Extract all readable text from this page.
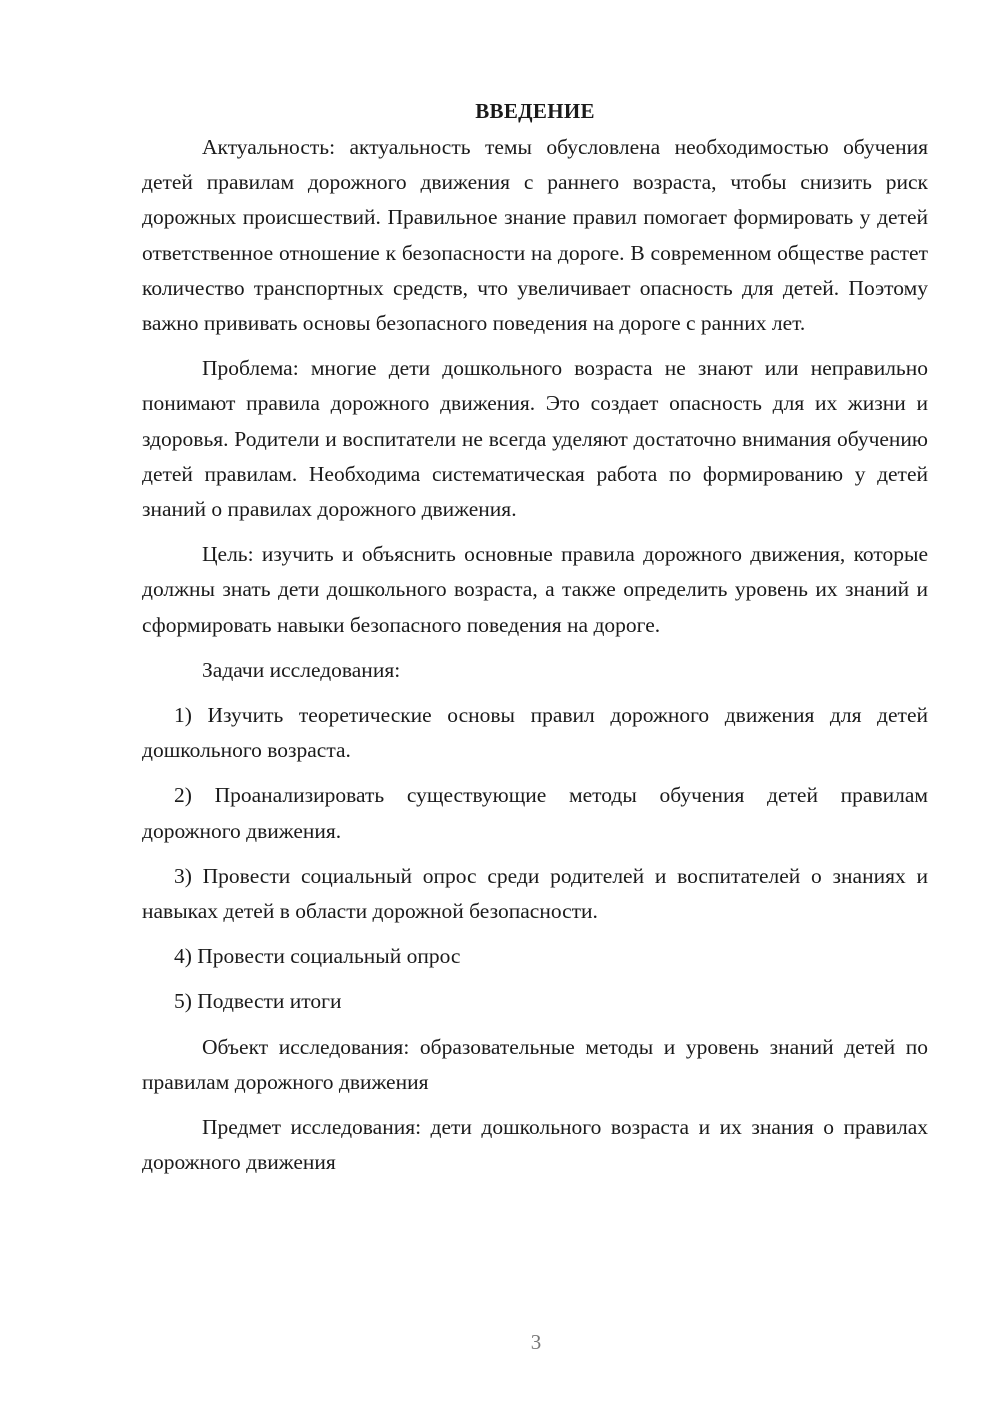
ВВЕДЕНИЕ

Актуальность: актуальность темы обусловлена необходимостью обучения детей правилам дорожного движения с раннего возраста, чтобы снизить риск дорожных происшествий. Правильное знание правил помогает формировать у детей ответственное отношение к безопасности на дороге. В современном обществе растет количество транспортных средств, что увеличивает опасность для детей. Поэтому важно прививать основы безопасного поведения на дороге с ранних лет.

Проблема: многие дети дошкольного возраста не знают или неправильно понимают правила дорожного движения. Это создает опасность для их жизни и здоровья. Родители и воспитатели не всегда уделяют достаточно внимания обучению детей правилам. Необходима систематическая работа по формированию у детей знаний о правилах дорожного движения.

Цель: изучить и объяснить основные правила дорожного движения, которые должны знать дети дошкольного возраста, а также определить уровень их знаний и сформировать навыки безопасного поведения на дороге.

Задачи исследования:

1) Изучить теоретические основы правил дорожного движения для детей дошкольного возраста.

2) Проанализировать существующие методы обучения детей правилам дорожного движения.

3) Провести социальный опрос среди родителей и воспитателей о знаниях и навыках детей в области дорожной безопасности.

4) Провести социальный опрос

5) Подвести итоги

Объект исследования: образовательные методы и уровень знаний детей по правилам дорожного движения

Предмет исследования: дети дошкольного возраста и их знания о правилах дорожного движения

3
